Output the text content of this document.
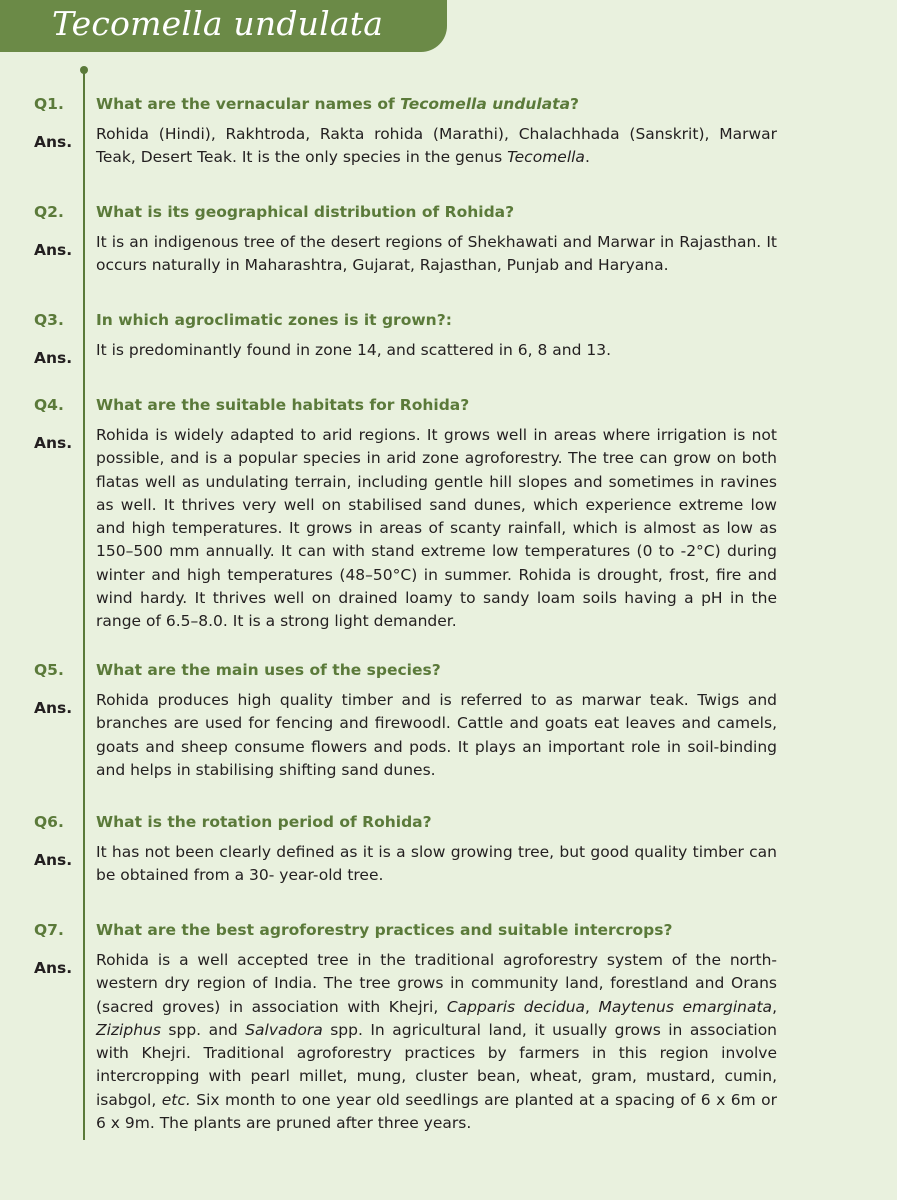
Tecomella undulata
Q1. What are the vernacular names of Tecomella undulata?
Ans. Rohida (Hindi), Rakhtroda, Rakta rohida (Marathi), Chalachhada (Sanskrit), Marwar Teak, Desert Teak. It is the only species in the genus Tecomella.
Q2. What is its geographical distribution of Rohida?
Ans. It is an indigenous tree of the desert regions of Shekhawati and Marwar in Rajasthan. It occurs naturally in Maharashtra, Gujarat, Rajasthan, Punjab and Haryana.
Q3. In which agroclimatic zones is it grown?:
Ans. It is predominantly found in zone 14, and scattered in 6, 8 and 13.
Q4. What are the suitable habitats for Rohida?
Ans. Rohida is widely adapted to arid regions. It grows well in areas where irrigation is not possible, and is a popular species in arid zone agroforestry. The tree can grow on both flatas well as undulating terrain, including gentle hill slopes and sometimes in ravines as well. It thrives very well on stabilised sand dunes, which experience extreme low and high temperatures. It grows in areas of scanty rainfall, which is almost as low as 150–500 mm annually. It can with stand extreme low temperatures (0 to -2°C) during winter and high temperatures (48–50°C) in summer. Rohida is drought, frost, fire and wind hardy. It thrives well on drained loamy to sandy loam soils having a pH in the range of 6.5–8.0. It is a strong light demander.
Q5. What are the main uses of the species?
Ans. Rohida produces high quality timber and is referred to as marwar teak. Twigs and branches are used for fencing and firewoodl. Cattle and goats eat leaves and camels, goats and sheep consume flowers and pods. It plays an important role in soil-binding and helps in stabilising shifting sand dunes.
Q6. What is the rotation period of Rohida?
Ans. It has not been clearly defined as it is a slow growing tree, but good quality timber can be obtained from a 30- year-old tree.
Q7. What are the best agroforestry practices and suitable intercrops?
Ans. Rohida is a well accepted tree in the traditional agroforestry system of the north-western dry region of India. The tree grows in community land, forestland and Orans (sacred groves) in association with Khejri, Capparis decidua, Maytenus emarginata, Ziziphus spp. and Salvadora spp. In agricultural land, it usually grows in association with Khejri. Traditional agroforestry practices by farmers in this region involve intercropping with pearl millet, mung, cluster bean, wheat, gram, mustard, cumin, isabgol, etc. Six month to one year old seedlings are planted at a spacing of 6 x 6m or 6 x 9m. The plants are pruned after three years.
